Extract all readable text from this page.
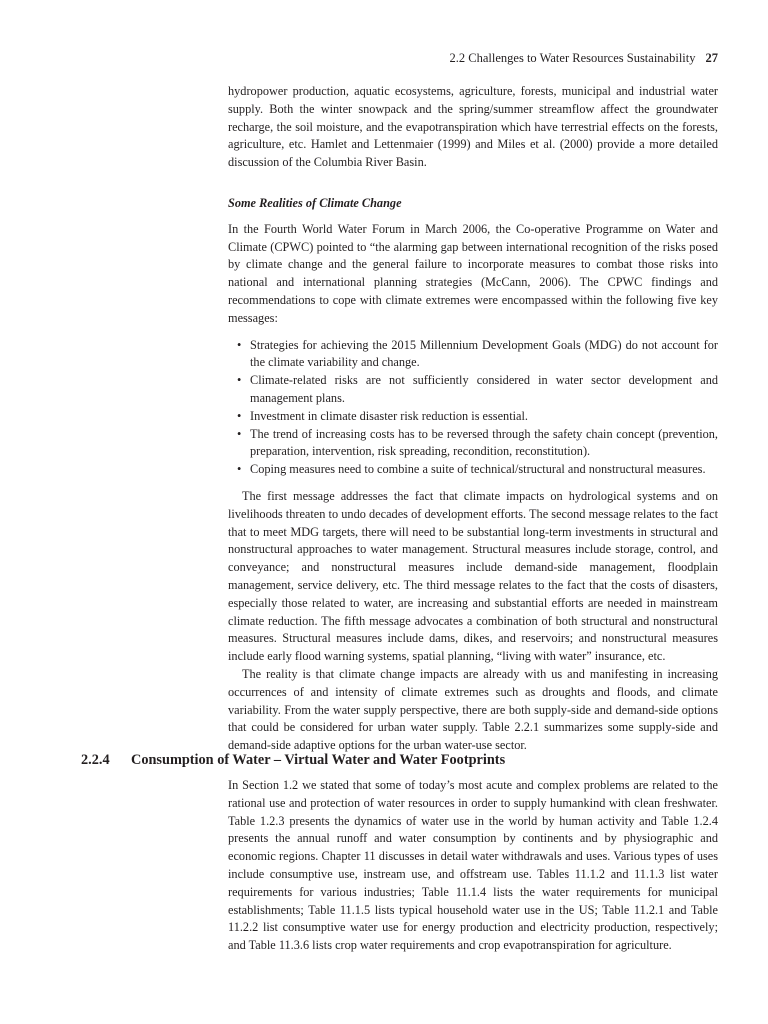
2.2 Challenges to Water Resources Sustainability 27

hydropower production, aquatic ecosystems, agriculture, forests, municipal and industrial water supply. Both the winter snowpack and the spring/summer streamflow affect the groundwater recharge, the soil moisture, and the evapotranspiration which have terrestrial effects on the forests, agriculture, etc. Hamlet and Lettenmaier (1999) and Miles et al. (2000) provide a more detailed discussion of the Columbia River Basin.

Some Realities of Climate Change

In the Fourth World Water Forum in March 2006, the Co-operative Programme on Water and Climate (CPWC) pointed to “the alarming gap between international recognition of the risks posed by climate change and the general failure to incorporate measures to combat those risks into national and international planning strategies (McCann, 2006). The CPWC findings and recommendations to cope with climate extremes were encompassed within the following five key messages:

• Strategies for achieving the 2015 Millennium Development Goals (MDG) do not account for the climate variability and change.
• Climate-related risks are not sufficiently considered in water sector development and management plans.
• Investment in climate disaster risk reduction is essential.
• The trend of increasing costs has to be reversed through the safety chain concept (prevention, preparation, intervention, risk spreading, recondition, reconstitution).
• Coping measures need to combine a suite of technical/structural and nonstructural measures.

The first message addresses the fact that climate impacts on hydrological systems and on livelihoods threaten to undo decades of development efforts. The second message relates to the fact that to meet MDG targets, there will need to be substantial long-term investments in structural and nonstructural approaches to water management. Structural measures include storage, control, and conveyance; and nonstructural measures include demand-side management, floodplain management, service delivery, etc. The third message relates to the fact that the costs of disasters, especially those related to water, are increasing and substantial efforts are needed in mainstream climate reduction. The fifth message advocates a combination of both structural and nonstructural measures. Structural measures include dams, dikes, and reservoirs; and nonstructural measures include early flood warning systems, spatial planning, “living with water” insurance, etc.

The reality is that climate change impacts are already with us and manifesting in increasing occurrences of and intensity of climate extremes such as droughts and floods, and climate variability. From the water supply perspective, there are both supply-side and demand-side options that could be considered for urban water supply. Table 2.2.1 summarizes some supply-side and demand-side adaptive options for the urban water-use sector.

2.2.4 Consumption of Water – Virtual Water and Water Footprints

In Section 1.2 we stated that some of today’s most acute and complex problems are related to the rational use and protection of water resources in order to supply humankind with clean freshwater. Table 1.2.3 presents the dynamics of water use in the world by human activity and Table 1.2.4 presents the annual runoff and water consumption by continents and by physiographic and economic regions. Chapter 11 discusses in detail water withdrawals and uses. Various types of uses include consumptive use, instream use, and offstream use. Tables 11.1.2 and 11.1.3 list water requirements for various industries; Table 11.1.4 lists the water requirements for municipal establishments; Table 11.1.5 lists typical household water use in the US; Table 11.2.1 and Table 11.2.2 list consumptive water use for energy production and electricity production, respectively; and Table 11.3.6 lists crop water requirements and crop evapotranspiration for agriculture.
